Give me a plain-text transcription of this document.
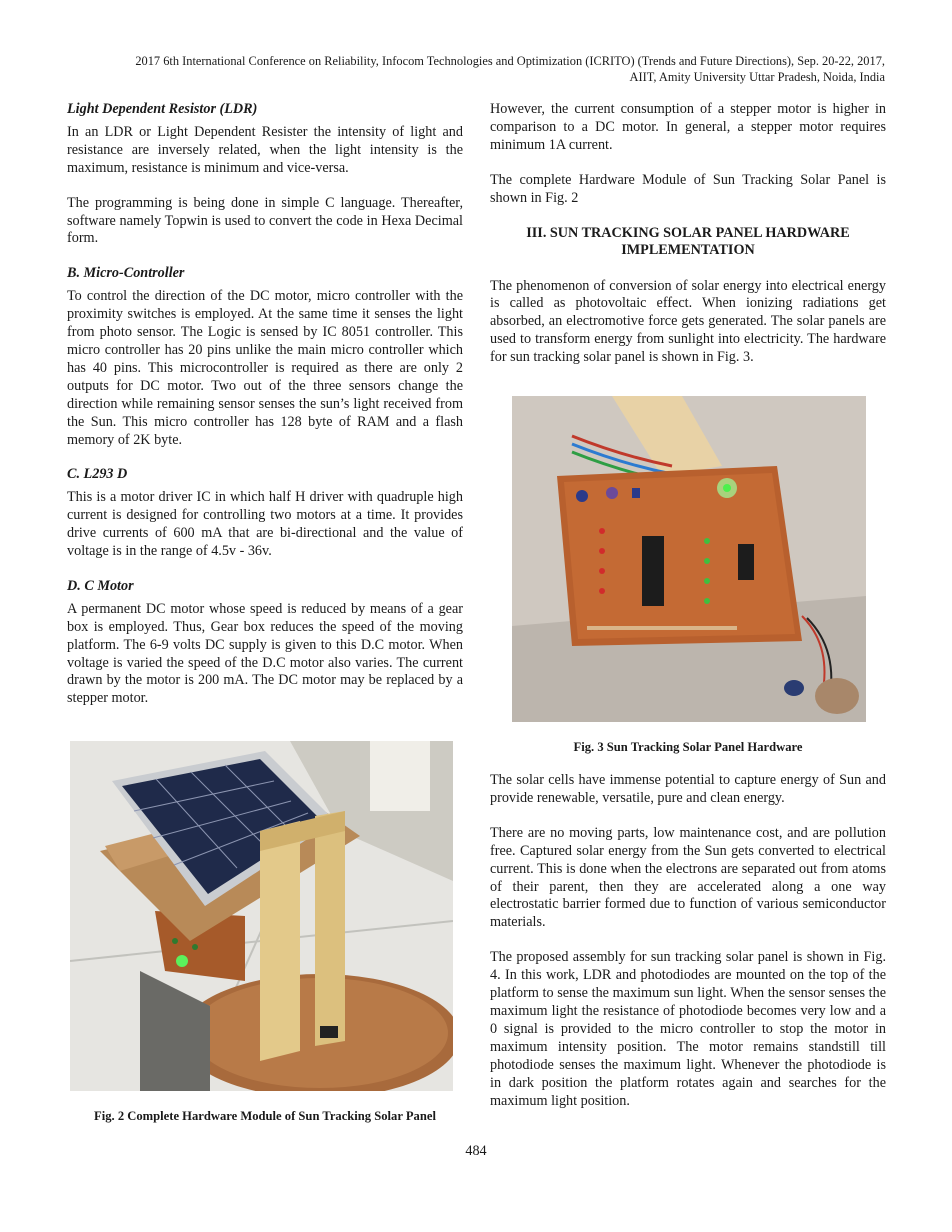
2017 6th International Conference on Reliability, Infocom Technologies and Optimization (ICRITO) (Trends and Future Directions), Sep. 20-22, 2017,
AIIT, Amity University Uttar Pradesh, Noida, India
Light Dependent Resistor (LDR)
In an LDR or Light Dependent Resister the intensity of light and resistance are inversely related, when the light intensity is the maximum, resistance is minimum and vice-versa.
The programming is being done in simple C language. Thereafter, software namely Topwin is used to convert the code in Hexa Decimal form.
B. Micro-Controller
To control the direction of the DC motor, micro controller with the proximity switches is employed. At the same time it senses the light from photo sensor. The Logic is sensed by IC 8051 controller. This micro controller has 20 pins unlike the main micro controller which has 40 pins. This microcontroller is required as there are only 2 outputs for DC motor. Two out of the three sensors change the direction while remaining sensor senses the sun’s light received from the Sun. This micro controller has 128 byte of RAM and a flash memory of 2K byte.
C. L293 D
This is a motor driver IC in which half H driver with quadruple high current is designed for controlling two motors at a time. It provides drive currents of 600 mA that are bi-directional and the value of voltage is in the range of 4.5v - 36v.
D. C Motor
A permanent DC motor whose speed is reduced by means of a gear box is employed. Thus, Gear box reduces the speed of the moving platform. The 6-9 volts DC supply is given to this D.C motor. When voltage is varied the speed of the D.C motor also varies. The current drawn by the motor is 200 mA. The DC motor may be replaced by a stepper motor.
Fig. 2 Complete Hardware Module of Sun Tracking Solar Panel
However, the current consumption of a stepper motor is higher in comparison to a DC motor. In general, a stepper motor requires minimum 1A current.
The complete Hardware Module of Sun Tracking Solar Panel is shown in Fig. 2
III. SUN TRACKING SOLAR PANEL HARDWARE
IMPLEMENTATION
The phenomenon of conversion of solar energy into electrical energy is called as photovoltaic effect. When ionizing radiations get absorbed, an electromotive force gets generated. The solar panels are used to transform energy from sunlight into electricity. The hardware for sun tracking solar panel is shown in Fig. 3.
Fig. 3 Sun Tracking Solar Panel Hardware
The solar cells have immense potential to capture energy of Sun and provide renewable, versatile, pure and clean energy.
There are no moving parts, low maintenance cost, and are pollution free. Captured solar energy from the Sun gets converted to electrical current. This is done when the electrons are separated out from atoms of their parent, then they are accelerated along a one way electrostatic barrier formed due to function of various semiconductor materials.
The proposed assembly for sun tracking solar panel is shown in Fig. 4. In this work, LDR and photodiodes are mounted on the top of the platform to sense the maximum sun light. When the sensor senses the maximum light the resistance of photodiode becomes very low and a 0 signal is provided to the micro controller to stop the motor in maximum intensity position. The motor remains standstill till photodiode senses the maximum light. Whenever the photodiode is in dark position the platform rotates again and searches for the maximum light position.
484
